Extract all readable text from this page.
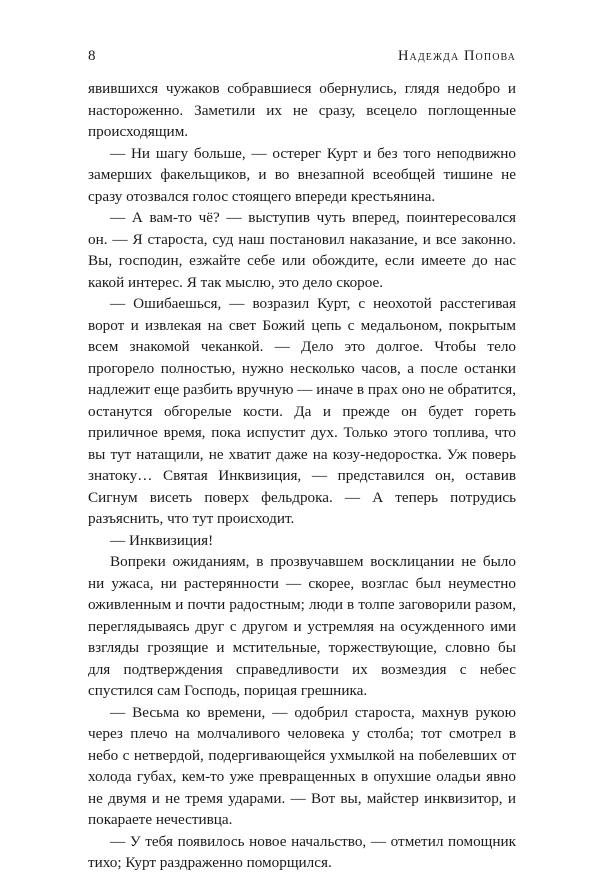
8	Надежда Попова

явившихся чужаков собравшиеся обернулись, глядя недобро и настороженно. Заметили их не сразу, всецело поглощенные происходящим.

— Ни шагу больше, — остерег Курт и без того неподвижно замерших факельщиков, и во внезапной всеобщей тишине не сразу отозвался голос стоящего впереди крестьянина.

— А вам-то чё? — выступив чуть вперед, поинтересовался он. — Я староста, суд наш постановил наказание, и все законно. Вы, господин, езжайте себе или обождите, если имеете до нас какой интерес. Я так мыслю, это дело скорое.

— Ошибаешься, — возразил Курт, с неохотой расстегивая ворот и извлекая на свет Божий цепь с медальоном, покрытым всем знакомой чеканкой. — Дело это долгое. Чтобы тело прогорело полностью, нужно несколько часов, а после останки надлежит еще разбить вручную — иначе в прах оно не обратится, останутся обгорелые кости. Да и прежде он будет гореть приличное время, пока испустит дух. Только этого топлива, что вы тут натащили, не хватит даже на козу-недоростка. Уж поверь знатоку… Святая Инквизиция, — представился он, оставив Сигнум висеть поверх фельдрока. — А теперь потрудись разъяснить, что тут происходит.

— Инквизиция!

Вопреки ожиданиям, в прозвучавшем восклицании не было ни ужаса, ни растерянности — скорее, возглас был неуместно оживленным и почти радостным; люди в толпе заговорили разом, переглядываясь друг с другом и устремляя на осужденного ими взгляды грозящие и мстительные, торжествующие, словно бы для подтверждения справедливости их возмездия с небес спустился сам Господь, порицая грешника.

— Весьма ко времени, — одобрил староста, махнув рукою через плечо на молчаливого человека у столба; тот смотрел в небо с нетвердой, подергивающейся ухмылкой на побелевших от холода губах, кем-то уже превращенных в опухшие оладьи явно не двумя и не тремя ударами. — Вот вы, майстер инквизитор, и покараете нечестивца.

— У тебя появилось новое начальство, — отметил помощник тихо; Курт раздраженно поморщился.
